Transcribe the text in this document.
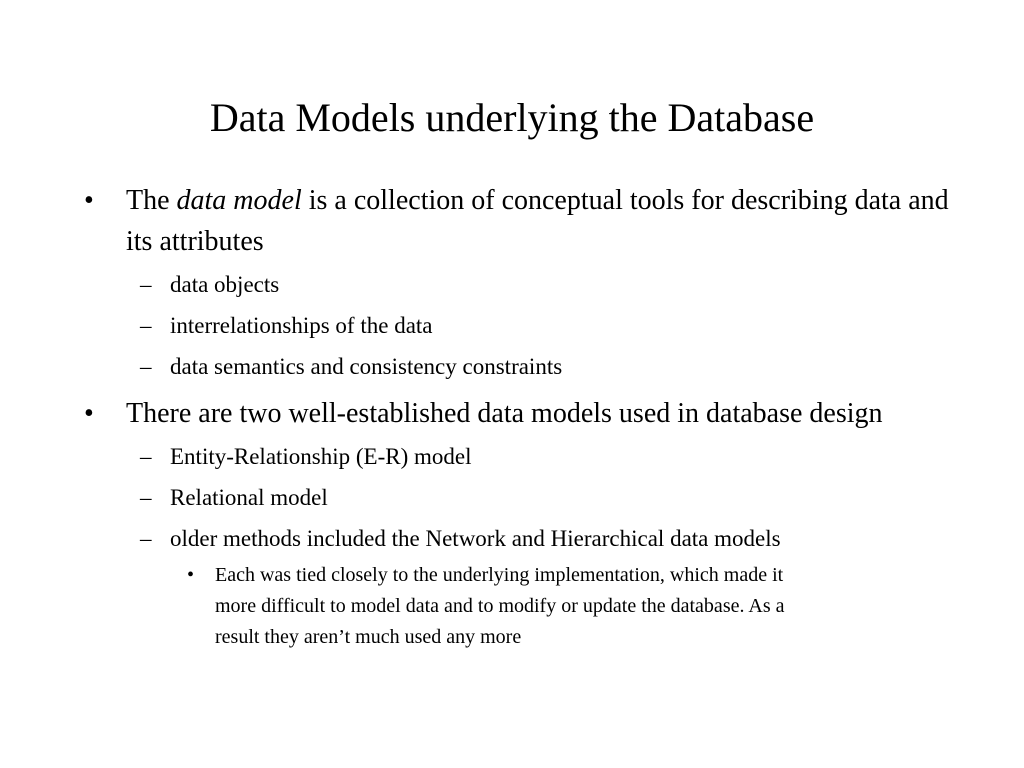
Data Models underlying the Database

•	The data model is a collection of conceptual tools for describing data and its attributes

– data objects

– interrelationships of the data

– data semantics and consistency constraints

•	There are two well-established data models used in database design

– Entity-Relationship (E-R) model

– Relational model

– older methods included the Network and Hierarchical data models

• Each was tied closely to the underlying implementation, which made it more difficult to model data and to modify or update the database. As a result they aren’t much used any more
